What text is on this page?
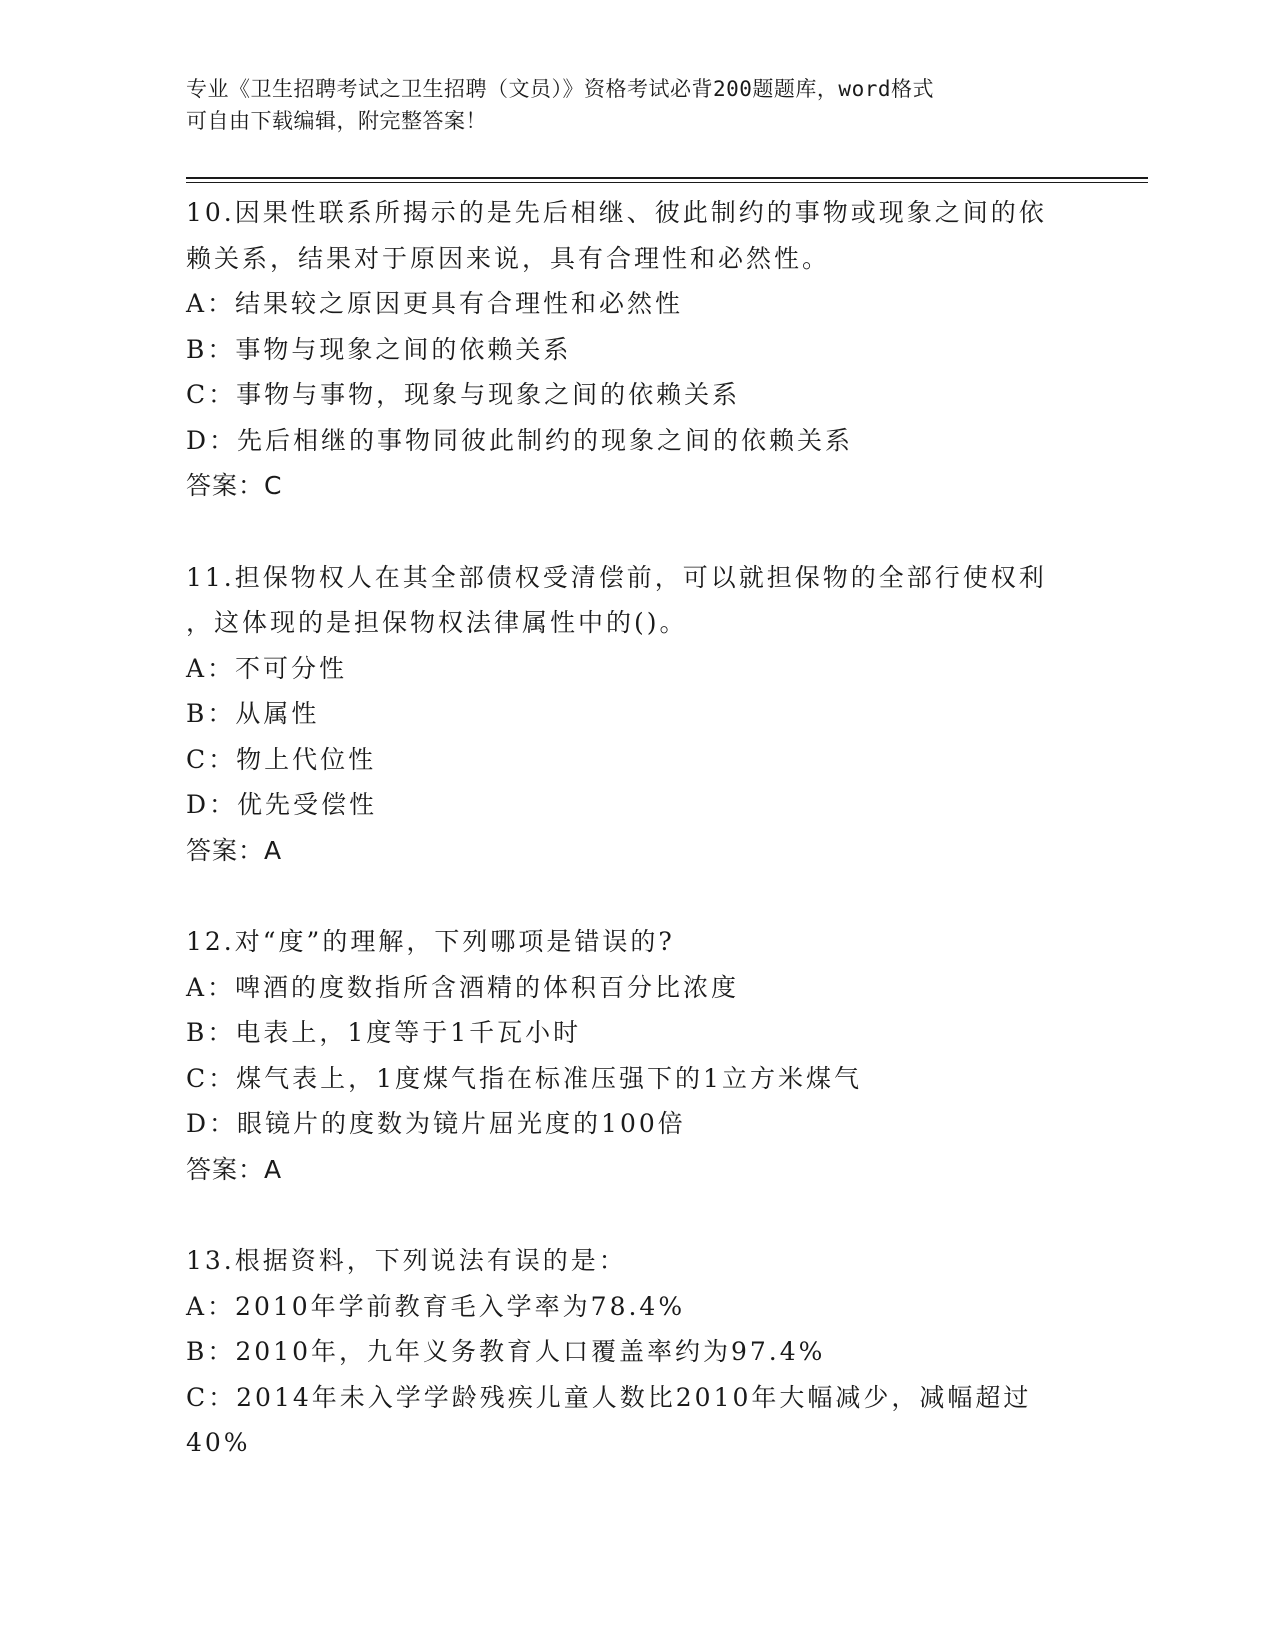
专业《卫生招聘考试之卫生招聘（文员）》资格考试必背200题题库，word格式
可自由下载编辑，附完整答案！
10.因果性联系所揭示的是先后相继、彼此制约的事物或现象之间的依
赖关系，结果对于原因来说，具有合理性和必然性。
A：结果较之原因更具有合理性和必然性
B：事物与现象之间的依赖关系
C：事物与事物，现象与现象之间的依赖关系
D：先后相继的事物同彼此制约的现象之间的依赖关系
答案：C
11.担保物权人在其全部债权受清偿前，可以就担保物的全部行使权利
，这体现的是担保物权法律属性中的()。
A：不可分性
B：从属性
C：物上代位性
D：优先受偿性
答案：A
12.对“度”的理解，下列哪项是错误的?
A：啤酒的度数指所含酒精的体积百分比浓度
B：电表上，1度等于1千瓦小时
C：煤气表上，1度煤气指在标准压强下的1立方米煤气
D：眼镜片的度数为镜片屈光度的100倍
答案：A
13.根据资料，下列说法有误的是：
A：2010年学前教育毛入学率为78.4%
B：2010年，九年义务教育人口覆盖率约为97.4%
C：2014年未入学学龄残疾儿童人数比2010年大幅减少，减幅超过
40%
